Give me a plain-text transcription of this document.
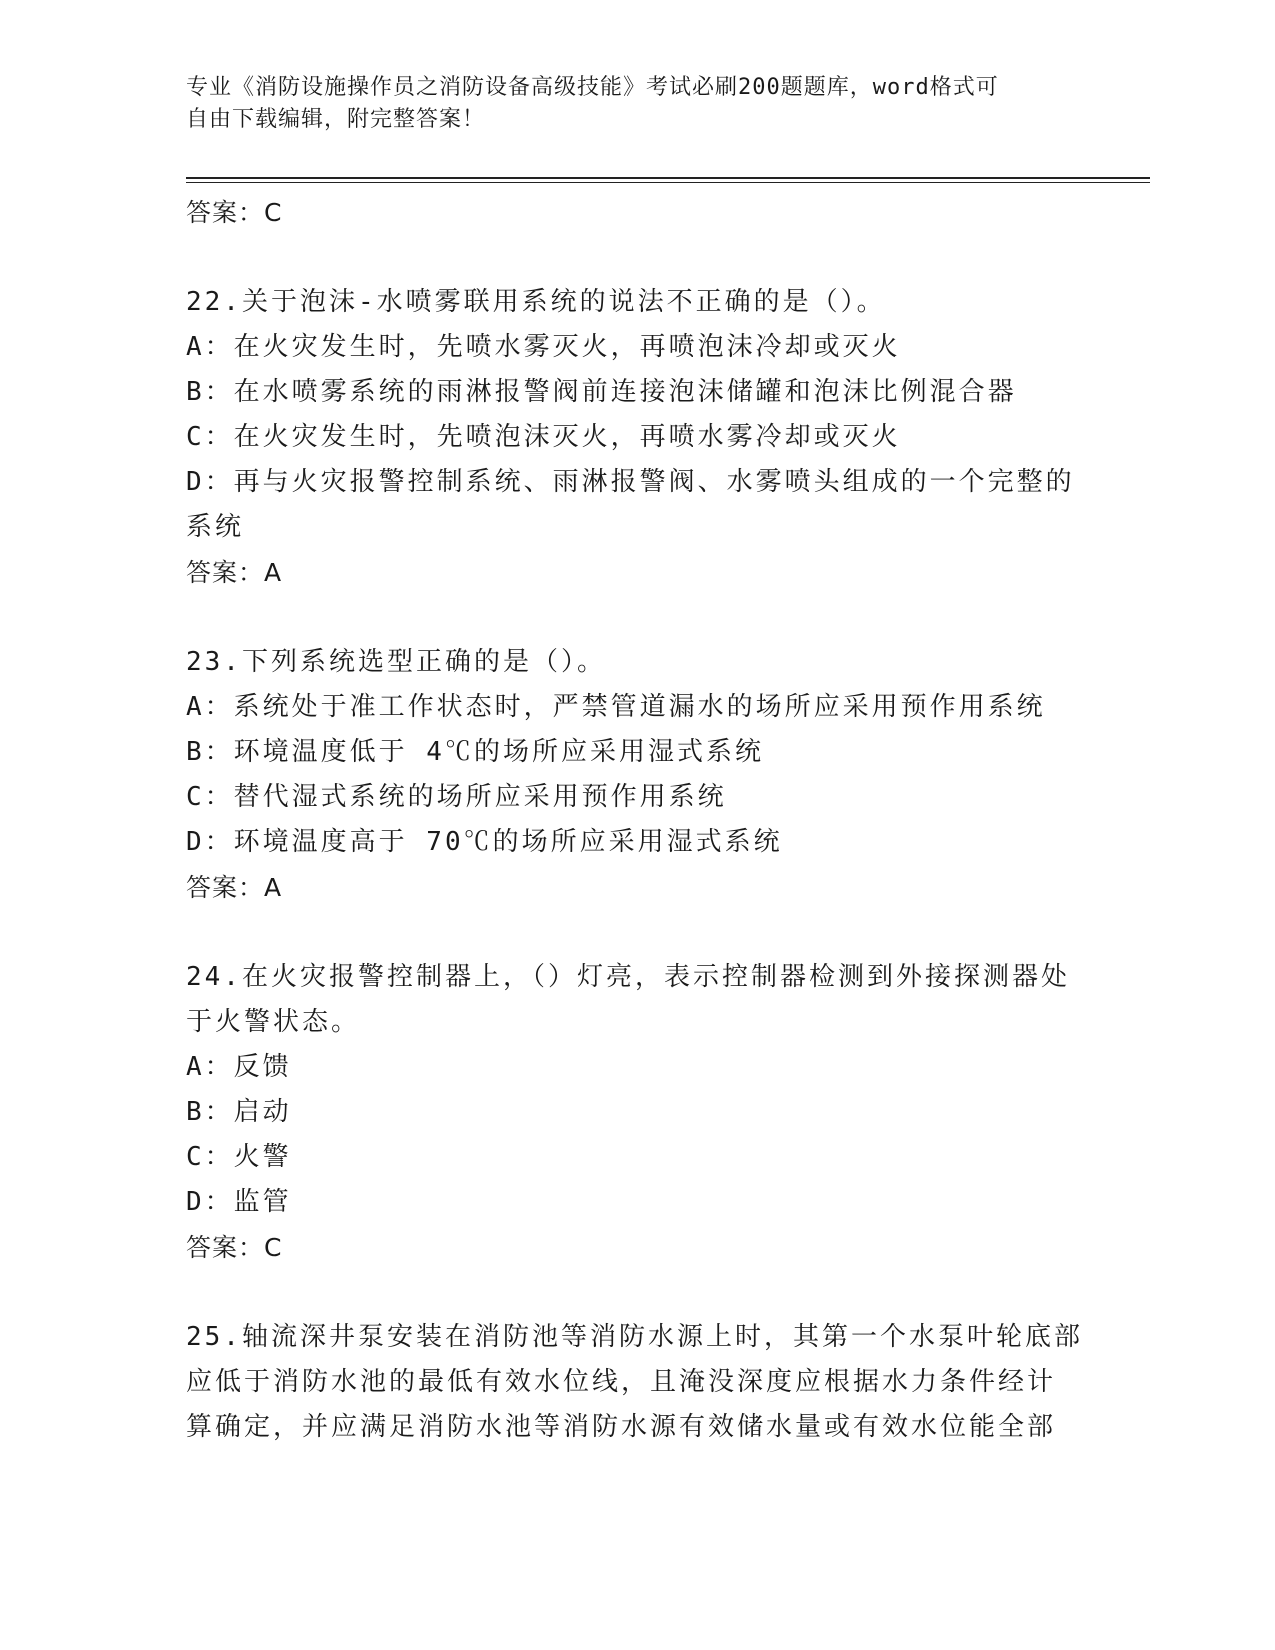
专业《消防设施操作员之消防设备高级技能》考试必刷200题题库，word格式可
自由下载编辑，附完整答案！
答案：C
22.关于泡沫-水喷雾联用系统的说法不正确的是（）。
A：在火灾发生时，先喷水雾灭火，再喷泡沫冷却或灭火
B：在水喷雾系统的雨淋报警阀前连接泡沫储罐和泡沫比例混合器
C：在火灾发生时，先喷泡沫灭火，再喷水雾冷却或灭火
D：再与火灾报警控制系统、雨淋报警阀、水雾喷头组成的一个完整的
系统
答案：A
23.下列系统选型正确的是（）。
A：系统处于准工作状态时，严禁管道漏水的场所应采用预作用系统
B：环境温度低于 4℃的场所应采用湿式系统
C：替代湿式系统的场所应采用预作用系统
D：环境温度高于 70℃的场所应采用湿式系统
答案：A
24.在火灾报警控制器上，（）灯亮，表示控制器检测到外接探测器处
于火警状态。
A：反馈
B：启动
C：火警
D：监管
答案：C
25.轴流深井泵安装在消防池等消防水源上时，其第一个水泵叶轮底部
应低于消防水池的最低有效水位线，且淹没深度应根据水力条件经计
算确定，并应满足消防水池等消防水源有效储水量或有效水位能全部
